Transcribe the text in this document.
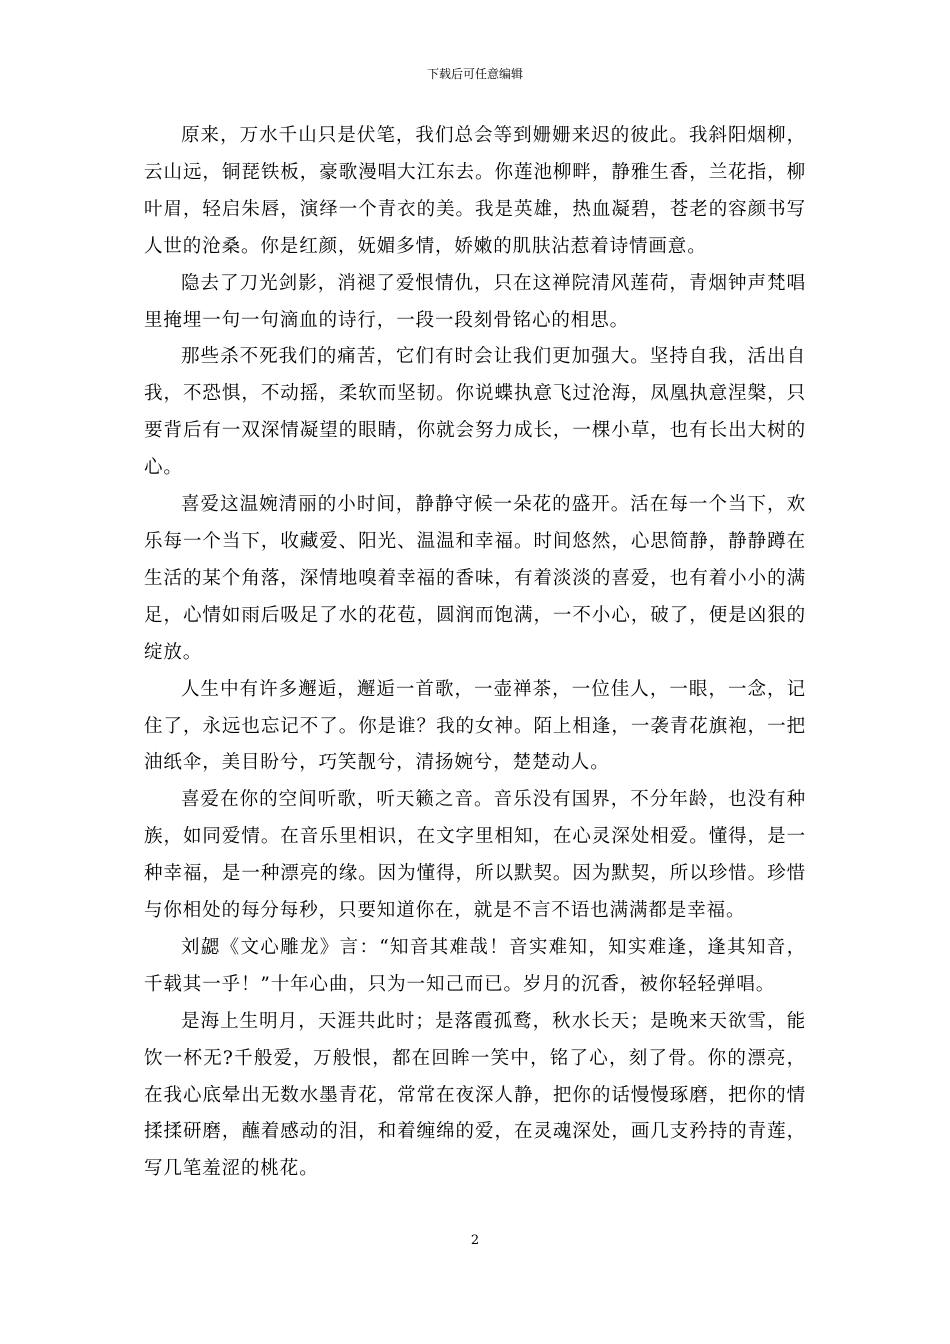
下载后可任意编辑

原来，万水千山只是伏笔，我们总会等到姗姗来迟的彼此。我斜阳烟柳，云山远，铜琵铁板，豪歌漫唱大江东去。你莲池柳畔，静雅生香，兰花指，柳叶眉，轻启朱唇，演绎一个青衣的美。我是英雄，热血凝碧，苍老的容颜书写人世的沧桑。你是红颜，妩媚多情，娇嫩的肌肤沾惹着诗情画意。

隐去了刀光剑影，消褪了爱恨情仇，只在这禅院清风莲荷，青烟钟声梵唱里掩埋一句一句滴血的诗行，一段一段刻骨铭心的相思。

那些杀不死我们的痛苦，它们有时会让我们更加强大。坚持自我，活出自我，不恐惧，不动摇，柔软而坚韧。你说蝶执意飞过沧海，凤凰执意涅槃，只要背后有一双深情凝望的眼睛，你就会努力成长，一棵小草，也有长出大树的心。

喜爱这温婉清丽的小时间，静静守候一朵花的盛开。活在每一个当下，欢乐每一个当下，收藏爱、阳光、温温和幸福。时间悠然，心思简静，静静蹲在生活的某个角落，深情地嗅着幸福的香味，有着淡淡的喜爱，也有着小小的满足，心情如雨后吸足了水的花苞，圆润而饱满，一不小心，破了，便是凶狠的绽放。

人生中有许多邂逅，邂逅一首歌，一壶禅茶，一位佳人，一眼，一念，记住了，永远也忘记不了。你是谁？我的女神。陌上相逢，一袭青花旗袍，一把油纸伞，美目盼兮，巧笑靓兮，清扬婉兮，楚楚动人。

喜爱在你的空间听歌，听天籁之音。音乐没有国界，不分年龄，也没有种族，如同爱情。在音乐里相识，在文字里相知，在心灵深处相爱。懂得，是一种幸福，是一种漂亮的缘。因为懂得，所以默契。因为默契，所以珍惜。珍惜与你相处的每分每秒，只要知道你在，就是不言不语也满满都是幸福。

刘勰《文心雕龙》言：“知音其难哉！音实难知，知实难逢，逢其知音，千载其一乎！”十年心曲，只为一知己而已。岁月的沉香，被你轻轻弹唱。

是海上生明月，天涯共此时；是落霞孤鹜，秋水长天；是晚来天欲雪，能饮一杯无?千般爱，万般恨，都在回眸一笑中，铭了心，刻了骨。你的漂亮，在我心底晕出无数水墨青花，常常在夜深人静，把你的话慢慢琢磨，把你的情揉揉研磨，蘸着感动的泪，和着缠绵的爱，在灵魂深处，画几支矜持的青莲，写几笔羞涩的桃花。

2
